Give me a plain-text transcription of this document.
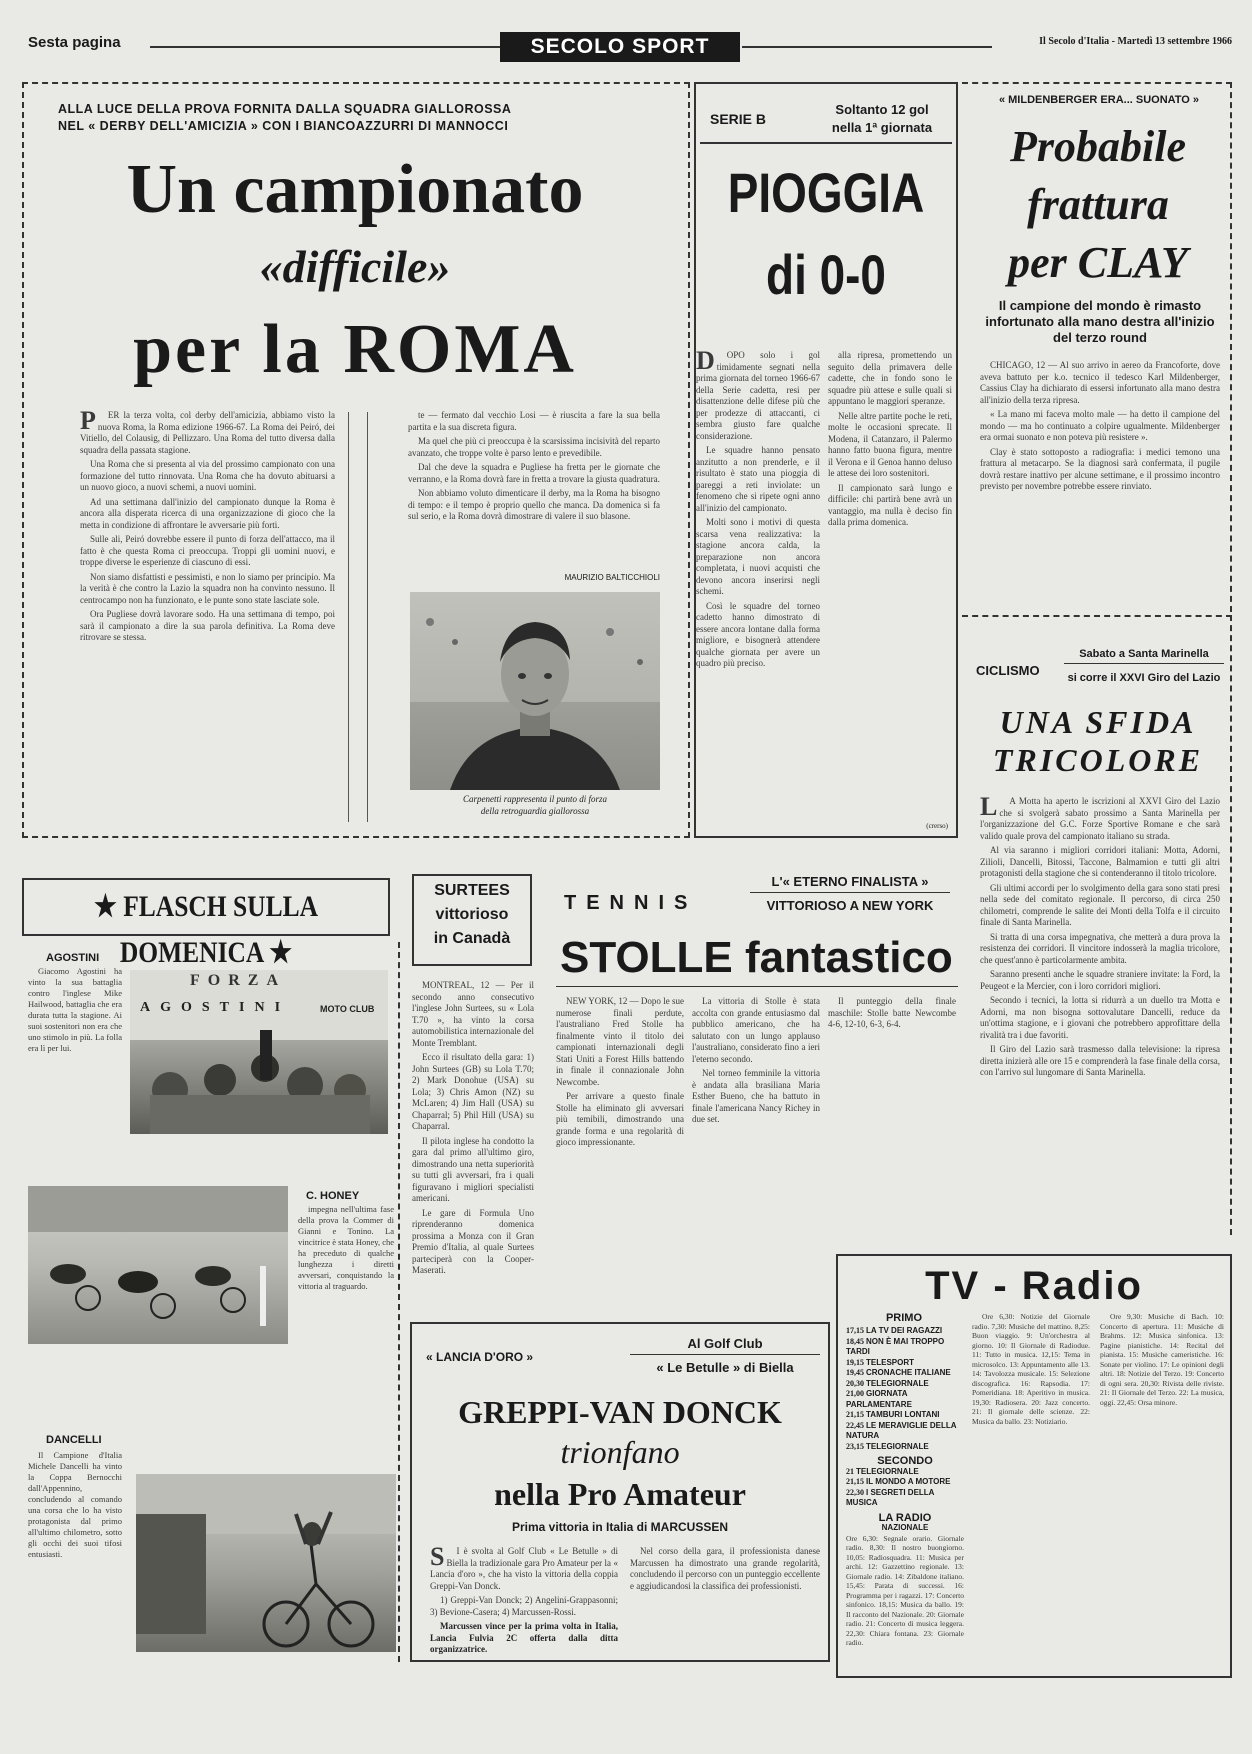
Sesta pagina	SECOLO SPORT	Il Secolo d'Italia - Martedì 13 settembre 1966
ALLA LUCE DELLA PROVA FORNITA DALLA SQUADRA GIALLOROSSA
NEL « DERBY DELL'AMICIZIA » CON I BIANCOAZZURRI DI MANNOCCI
Un campionato
«difficile»
per la ROMA

P ER la terza volta, col derby dell'amicizia, abbiamo visto la nuova Roma, la Roma edizione 1966-67. La Roma dei Peiró, dei Vitiello, del Colausig, di Pellizzaro. Una Roma del tutto diversa dalla squadra della passata stagione.

Una Roma che si presenta al via del prossimo campionato con una formazione del tutto rinnovata. Una Roma che ha dovuto abituarsi a un nuovo gioco, a nuovi schemi, a nuovi uomini.

Ad una settimana dall'inizio del campionato dunque la Roma è ancora alla disperata ricerca di una organizzazione di gioco che la metta in condizione di affrontare le avversarie più forti.

Sulle ali, Peiró dovrebbe essere il punto di forza dell'attacco, ma il fatto è che questa Roma ci preoccupa. Troppi gli uomini nuovi, e troppe diverse le esperienze di ciascuno di essi.

Non siamo disfattisti e pessimisti, e non lo siamo per principio. Ma la verità è che contro la Lazio la squadra non ha convinto nessuno. Il centrocampo non ha funzionato, e le punte sono state lasciate sole.

Ora Pugliese dovrà lavorare sodo. Ha una settimana di tempo, poi sarà il campionato a dire la sua parola definitiva. La Roma deve ritrovare se stessa.

te — fermato dal vecchio Losi — è riuscita a fare la sua bella partita e la sua discreta figura.

Ma quel che più ci preoccupa è la scarsissima incisività del reparto avanzato, che troppe volte è parso lento e prevedibile.

Dal che deve la squadra e Pugliese ha fretta per le giornate che verranno, e la Roma dovrà fare in fretta a trovare la giusta quadratura.

Non abbiamo voluto dimenticare il derby, ma la Roma ha bisogno di tempo: e il tempo è proprio quello che manca. Da domenica si fa sul serio, e la Roma dovrà dimostrare di valere il suo blasone.

MAURIZIO BALTICCHIOLI
Carpenetti rappresenta il punto di forza
della retroguardia giallorossa
SERIE B
Soltanto 12 gol
nella 1ª giornata
PIOGGIA
di 0-0

D OPO solo i gol timidamente segnati nella prima giornata del torneo 1966-67 della Serie cadetta, resi per disattenzione delle difese più che per prodezze di attaccanti, ci sembra giusto fare qualche considerazione.

Le squadre hanno pensato anzitutto a non prenderle, e il risultato è stato una pioggia di pareggi a reti inviolate: un fenomeno che si ripete ogni anno all'inizio del campionato.

Molti sono i motivi di questa scarsa vena realizzativa: la stagione ancora calda, la preparazione non ancora completata, i nuovi acquisti che devono ancora inserirsi negli schemi.

Così le squadre del torneo cadetto hanno dimostrato di essere ancora lontane dalla forma migliore, e bisognerà attendere qualche giornata per avere un quadro più preciso.

alla ripresa, promettendo un seguito della primavera delle cadette, che in fondo sono le squadre più attese e sulle quali si appuntano le maggiori speranze.

Nelle altre partite poche le reti, molte le occasioni sprecate. Il Modena, il Catanzaro, il Palermo hanno fatto buona figura, mentre il Verona e il Genoa hanno deluso le attese dei loro sostenitori.

Il campionato sarà lungo e difficile: chi partirà bene avrà un vantaggio, ma nulla è deciso fin dalla prima domenica.

(crerso)
« MILDENBERGER ERA... SUONATO »
Probabile
frattura
per CLAY
Il campione del mondo è rimasto infortunato alla mano destra all'inizio del terzo round

CHICAGO, 12 — Al suo arrivo in aereo da Francoforte, dove aveva battuto per k.o. tecnico il tedesco Karl Mildenberger, Cassius Clay ha dichiarato di essersi infortunato alla mano destra all'inizio della terza ripresa.

« La mano mi faceva molto male — ha detto il campione del mondo — ma ho continuato a colpire ugualmente. Mildenberger era ormai suonato e non poteva più resistere ».

Clay è stato sottoposto a radiografia: i medici temono una frattura al metacarpo. Se la diagnosi sarà confermata, il pugile dovrà restare inattivo per alcune settimane, e il prossimo incontro previsto per novembre potrebbe essere rinviato.

CICLISMO
Sabato a Santa Marinella
si corre il XXVI Giro del Lazio
UNA SFIDA
TRICOLORE

L A Motta ha aperto le iscrizioni al XXVI Giro del Lazio che si svolgerà sabato prossimo a Santa Marinella per l'organizzazione del G.C. Forze Sportive Romane e che sarà valido quale prova del campionato italiano su strada.

Al via saranno i migliori corridori italiani: Motta, Adorni, Zilioli, Dancelli, Bitossi, Taccone, Balmamion e tutti gli altri protagonisti della stagione che si contenderanno il titolo tricolore.

Gli ultimi accordi per lo svolgimento della gara sono stati presi nella sede del comitato regionale. Il percorso, di circa 250 chilometri, comprende le salite dei Monti della Tolfa e il circuito finale di Santa Marinella.

Si tratta di una corsa impegnativa, che metterà a dura prova la resistenza dei corridori. Il vincitore indosserà la maglia tricolore, che quest'anno è particolarmente ambita.

Saranno presenti anche le squadre straniere invitate: la Ford, la Peugeot e la Mercier, con i loro corridori migliori.

Secondo i tecnici, la lotta si ridurrà a un duello tra Motta e Adorni, ma non bisogna sottovalutare Dancelli, reduce da un'ottima stagione, e i giovani che potrebbero approfittare della rivalità tra i due favoriti.

Il Giro del Lazio sarà trasmesso dalla televisione: la ripresa diretta inizierà alle ore 15 e comprenderà la fase finale della corsa, con l'arrivo sul lungomare di Santa Marinella.

★ FLASCH SULLA DOMENICA ★
AGOSTINI

Giacomo Agostini ha vinto la sua battaglia contro l'inglese Mike Hailwood, battaglia che era durata tutta la stagione. Ai suoi sostenitori non era che uno stimolo in più. La folla era lì per lui.

FORZA
AGOSTINI	MOTO CLUB
C. HONEY

impegna nell'ultima fase della prova la Commer di Gianni e Tonino. La vincitrice è stata Honey, che ha preceduto di qualche lunghezza i diretti avversari, conquistando la vittoria al traguardo.

DANCELLI

Il Campione d'Italia Michele Dancelli ha vinto la Coppa Bernocchi dall'Appennino, concludendo al comando una corsa che lo ha visto protagonista dal primo all'ultimo chilometro, sotto gli occhi dei suoi tifosi entusiasti.

SURTEES
vittorioso
in Canadà

MONTREAL, 12 — Per il secondo anno consecutivo l'inglese John Surtees, su « Lola T.70 », ha vinto la corsa automobilistica internazionale del Monte Tremblant.

Ecco il risultato della gara: 1) John Surtees (GB) su Lola T.70; 2) Mark Donohue (USA) su Lola; 3) Chris Amon (NZ) su McLaren; 4) Jim Hall (USA) su Chaparral; 5) Phil Hill (USA) su Chaparral.

Il pilota inglese ha condotto la gara dal primo all'ultimo giro, dimostrando una netta superiorità su tutti gli avversari, fra i quali figuravano i migliori specialisti americani.

Le gare di Formula Uno riprenderanno domenica prossima a Monza con il Gran Premio d'Italia, al quale Surtees parteciperà con la Cooper-Maserati.

TENNIS
L'« ETERNO FINALISTA »
VITTORIOSO A NEW YORK
STOLLE fantastico

NEW YORK, 12 — Dopo le sue numerose finali perdute, l'australiano Fred Stolle ha finalmente vinto il titolo dei campionati internazionali degli Stati Uniti a Forest Hills battendo in finale il connazionale John Newcombe.

Per arrivare a questo finale Stolle ha eliminato gli avversari più temibili, dimostrando una grande forma e una regolarità di gioco impressionante.

La vittoria di Stolle è stata accolta con grande entusiasmo dal pubblico americano, che ha salutato con un lungo applauso l'australiano, considerato fino a ieri l'eterno secondo.

Nel torneo femminile la vittoria è andata alla brasiliana Maria Esther Bueno, che ha battuto in finale l'americana Nancy Richey in due set.

Il punteggio della finale maschile: Stolle batte Newcombe 4-6, 12-10, 6-3, 6-4.

« LANCIA D'ORO »
Al Golf Club
« Le Betulle » di Biella
GREPPI-VAN DONCK
trionfano
nella Pro Amateur
Prima vittoria in Italia di MARCUSSEN

S I è svolta al Golf Club « Le Betulle » di Biella la tradizionale gara Pro Amateur per la « Lancia d'oro », che ha visto la vittoria della coppia Greppi-Van Donck.

1) Greppi-Van Donck; 2) Angelini-Grappasonni; 3) Bevione-Casera; 4) Marcussen-Rossi.

Marcussen vince per la prima volta in Italia, Lancia Fulvia 2C offerta dalla ditta organizzatrice.

Nel corso della gara, il professionista danese Marcussen ha dimostrato una grande regolarità, concludendo il percorso con un punteggio eccellente e aggiudicandosi la classifica dei professionisti.

TV - Radio
PRIMO
17,15 LA TV DEI RAGAZZI
18,45 NON È MAI TROPPO TARDI
19,15 TELESPORT
19,45 CRONACHE ITALIANE
20,30 TELEGIORNALE
21,00 GIORNATA PARLAMENTARE
21,15 TAMBURI LONTANI
22,45 LE MERAVIGLIE DELLA NATURA
23,15 TELEGIORNALE
SECONDO
21 TELEGIORNALE
21,15 IL MONDO A MOTORE
22,30 I SEGRETI DELLA MUSICA
LA RADIO
NAZIONALE
Ore 6,30: Segnale orario. Giornale radio. 8,30: Il nostro buongiorno. 10,05: Radiosquadra. 11: Musica per archi. 12: Gazzettino regionale. 13: Giornale radio. 14: Zibaldone italiano. 15,45: Parata di successi. 16: Programma per i ragazzi. 17: Concerto sinfonico. 18,15: Musica da ballo. 19: Il racconto del Nazionale. 20: Giornale radio. 21: Concerto di musica leggera. 22,30: Chiara fontana. 23: Giornale radio.

Ore 6,30: Notizie del Giornale radio. 7,30: Musiche del mattino. 8,25: Buon viaggio. 9: Un'orchestra al giorno. 10: Il Giornale di Radiodue. 11: Tutto in musica. 12,15: Tema in microsolco. 13: Appuntamento alle 13. 14: Tavolozza musicale. 15: Selezione discografica. 16: Rapsodia. 17: Pomeridiana. 18: Aperitivo in musica. 19,30: Radiosera. 20: Jazz concerto. 21: Il giornale delle scienze. 22: Musica da ballo. 23: Notiziario.

Ore 9,30: Musiche di Bach. 10: Concerto di apertura. 11: Musiche di Brahms. 12: Musica sinfonica. 13: Pagine pianistiche. 14: Recital del pianista. 15: Musiche cameristiche. 16: Sonate per violino. 17: Le opinioni degli altri. 18: Notizie del Terzo. 19: Concerto di ogni sera. 20,30: Rivista delle riviste. 21: Il Giornale del Terzo. 22: La musica, oggi. 22,45: Orsa minore.
